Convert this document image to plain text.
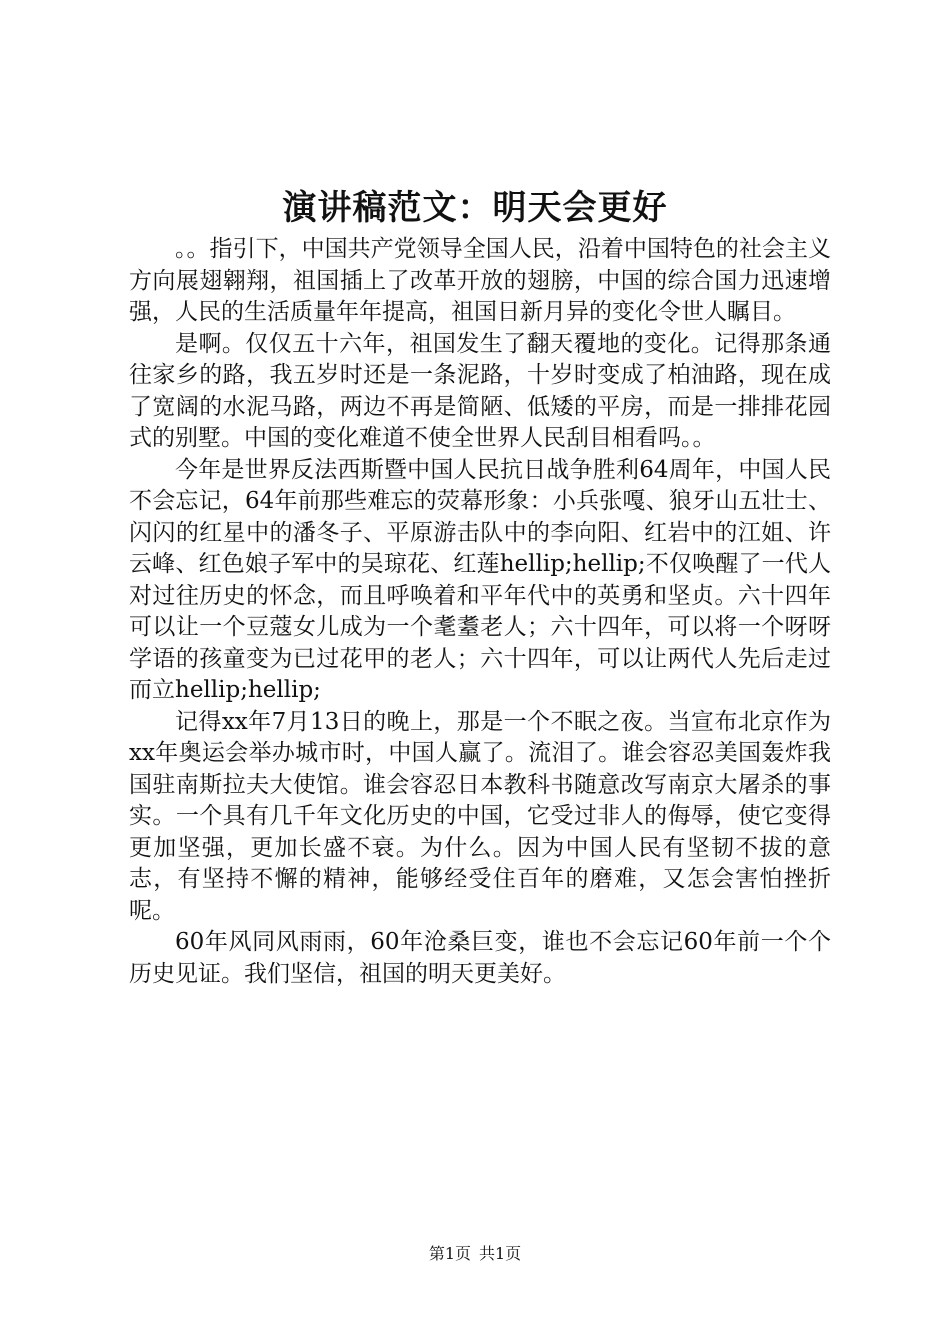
演讲稿范文：明天会更好

。。指引下，中国共产党领导全国人民，沿着中国特色的社会主义方向展翅翱翔，祖国插上了改革开放的翅膀，中国的综合国力迅速增强，人民的生活质量年年提高，祖国日新月异的变化令世人瞩目。

是啊。仅仅五十六年，祖国发生了翻天覆地的变化。记得那条通往家乡的路，我五岁时还是一条泥路，十岁时变成了柏油路，现在成了宽阔的水泥马路，两边不再是简陋、低矮的平房，而是一排排花园式的别墅。中国的变化难道不使全世界人民刮目相看吗。。

今年是世界反法西斯暨中国人民抗日战争胜利64周年，中国人民不会忘记，64年前那些难忘的荧幕形象：小兵张嘎、狼牙山五壮士、闪闪的红星中的潘冬子、平原游击队中的李向阳、红岩中的江姐、许云峰、红色娘子军中的吴琼花、红莲hellip;hellip;不仅唤醒了一代人对过往历史的怀念，而且呼唤着和平年代中的英勇和坚贞。六十四年可以让一个豆蔻女儿成为一个耄耋老人；六十四年，可以将一个呀呀学语的孩童变为已过花甲的老人；六十四年，可以让两代人先后走过而立hellip;hellip;

记得xx年7月13日的晚上，那是一个不眠之夜。当宣布北京作为xx年奥运会举办城市时，中国人赢了。流泪了。谁会容忍美国轰炸我国驻南斯拉夫大使馆。谁会容忍日本教科书随意改写南京大屠杀的事实。一个具有几千年文化历史的中国，它受过非人的侮辱，使它变得更加坚强，更加长盛不衰。为什么。因为中国人民有坚韧不拔的意志，有坚持不懈的精神，能够经受住百年的磨难，又怎会害怕挫折呢。

60年风同风雨雨，60年沧桑巨变，谁也不会忘记60年前一个个历史见证。我们坚信，祖国的明天更美好。

第1页 共1页
